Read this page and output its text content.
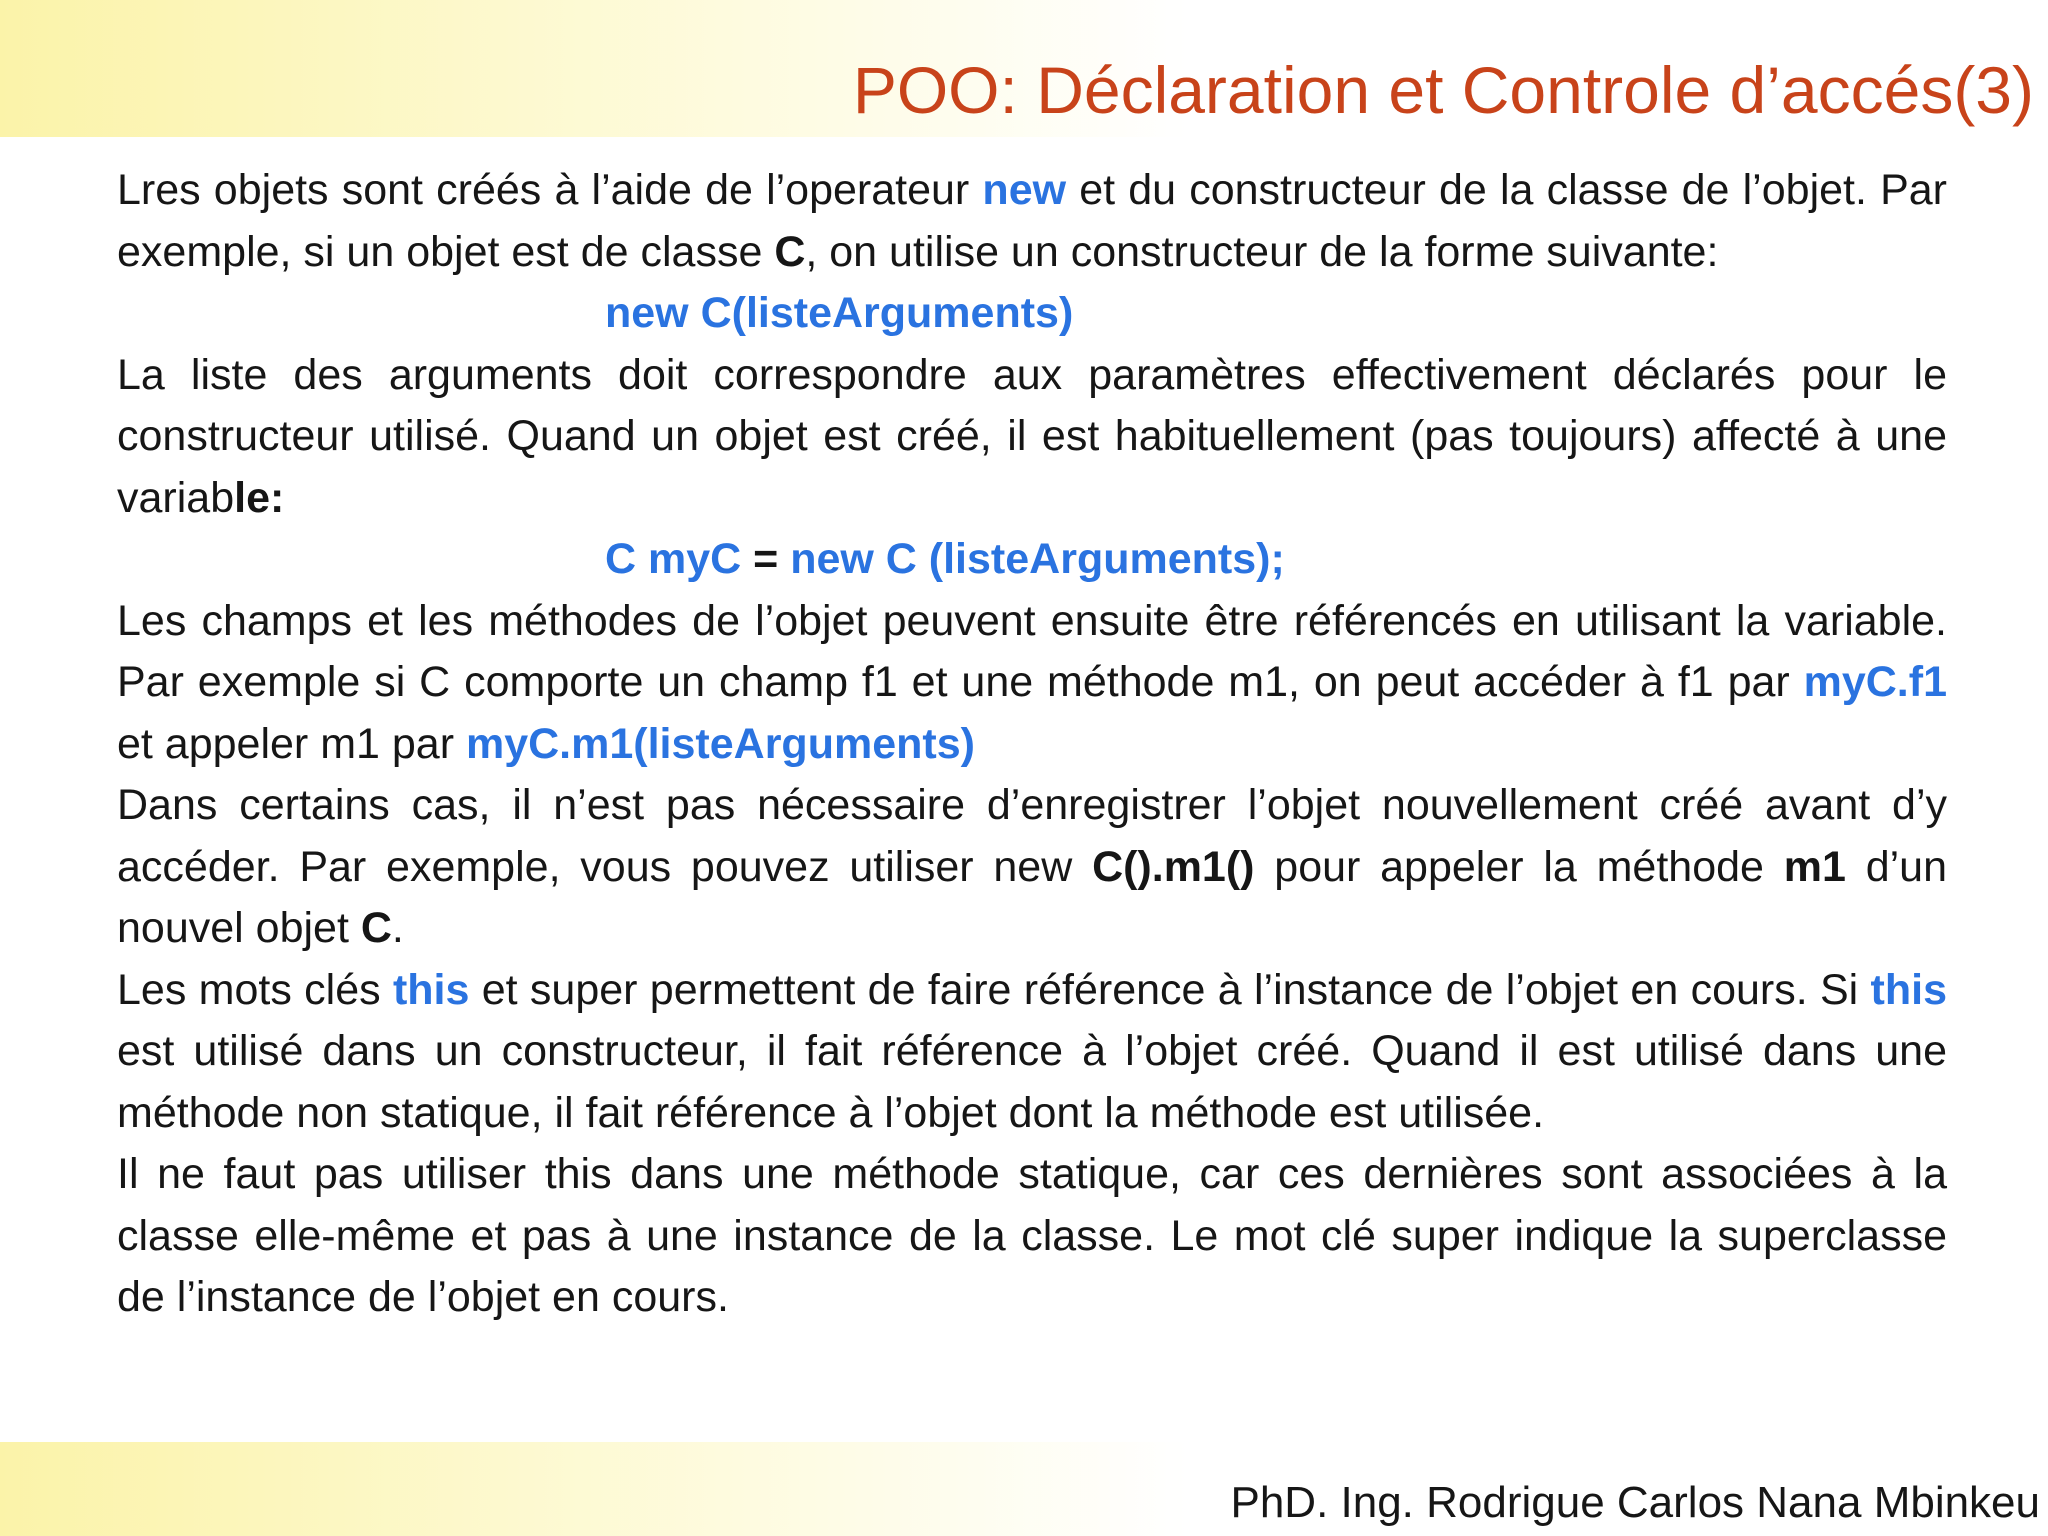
POO: Déclaration et Controle d’accés(3)

Lres objets sont créés à l’aide de l’operateur new et du constructeur de la classe de l’objet. Par exemple, si un objet est de classe C, on utilise un constructeur de la forme suivante:

new C(listeArguments)

La liste des arguments doit correspondre aux paramètres effectivement déclarés pour le constructeur utilisé. Quand un objet est créé, il est habituellement (pas toujours) affecté à une variable:

C myC = new C (listeArguments);

Les champs et les méthodes de l’objet peuvent ensuite être référencés en utilisant la variable. Par exemple si C comporte un champ f1 et une méthode m1, on peut accéder à f1 par myC.f1 et appeler m1 par myC.m1(listeArguments)

Dans certains cas, il n’est pas nécessaire d’enregistrer l’objet nouvellement créé avant d’y accéder. Par exemple, vous pouvez utiliser new C().m1() pour appeler la méthode m1 d’un nouvel objet C.

Les mots clés this et super permettent de faire référence à l’instance de l’objet en cours. Si this est utilisé dans un constructeur, il fait référence à l’objet créé. Quand il est utilisé dans une méthode non statique, il fait référence à l’objet dont la méthode est utilisée.

Il ne faut pas utiliser this dans une méthode statique, car ces dernières sont associées à la classe elle-même et pas à une instance de la classe. Le mot clé super indique la superclasse de l’instance de l’objet en cours.

PhD. Ing. Rodrigue Carlos Nana Mbinkeu
